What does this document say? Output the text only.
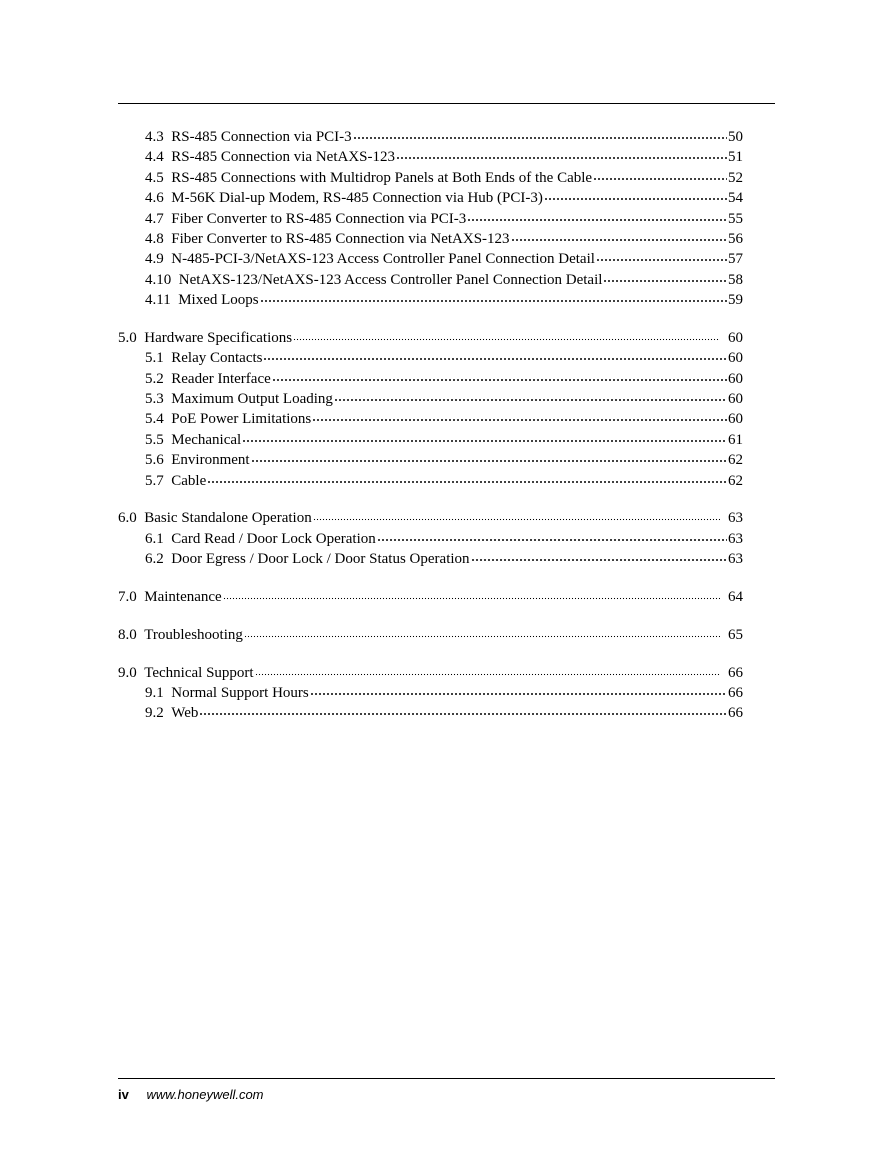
4.3  RS-485 Connection via PCI-3	50
4.4  RS-485 Connection via NetAXS-123	51
4.5  RS-485 Connections with Multidrop Panels at Both Ends of the Cable	52
4.6  M-56K Dial-up Modem, RS-485 Connection via Hub (PCI-3)	54
4.7  Fiber Converter to RS-485 Connection via PCI-3	55
4.8  Fiber Converter to RS-485 Connection via NetAXS-123	56
4.9  N-485-PCI-3/NetAXS-123 Access Controller Panel Connection Detail	57
4.10  NetAXS-123/NetAXS-123 Access Controller Panel Connection Detail	58
4.11  Mixed Loops	59
5.0  Hardware Specifications	60
5.1  Relay Contacts	60
5.2  Reader Interface	60
5.3  Maximum Output Loading	60
5.4  PoE Power Limitations	60
5.5  Mechanical	61
5.6  Environment	62
5.7  Cable	62
6.0  Basic Standalone Operation	63
6.1  Card Read / Door Lock Operation	63
6.2  Door Egress / Door Lock / Door Status Operation	63
7.0  Maintenance	64
8.0  Troubleshooting	65
9.0  Technical Support	66
9.1  Normal Support Hours	66
9.2  Web	66
iv www.honeywell.com
